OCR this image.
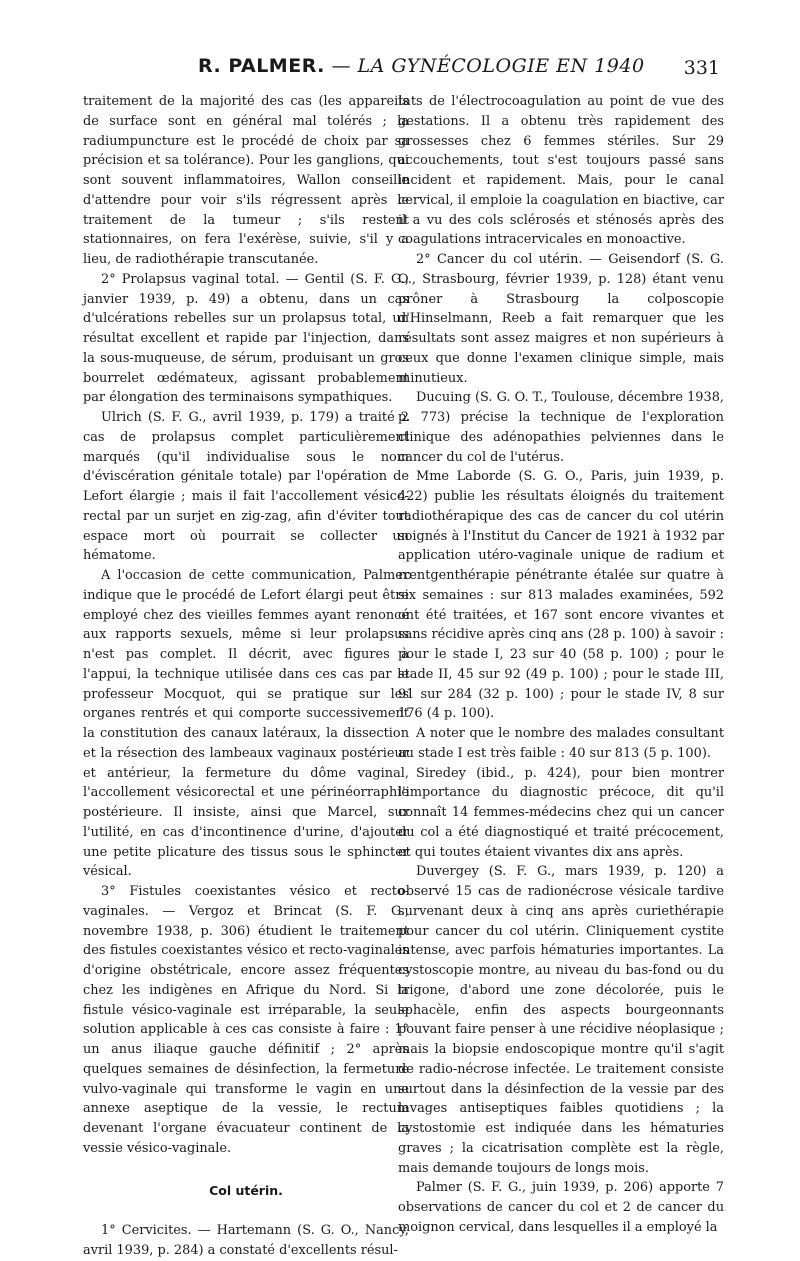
R. PALMER. — LA GYNÉCOLOGIE EN 1940 331

traitement de la majorité des cas (les appareils de surface sont en général mal tolérés ; la radiumpuncture est le procédé de choix par sa précision et sa tolérance). Pour les ganglions, qui sont souvent inflammatoires, Wallon conseille d'attendre pour voir s'ils régressent après le traitement de la tumeur ; s'ils restent stationnaires, on fera l'exérèse, suivie, s'il y a lieu, de radiothérapie transcutanée.

2° Prolapsus vaginal total. — Gentil (S. F. G., janvier 1939, p. 49) a obtenu, dans un cas d'ulcérations rebelles sur un prolapsus total, un résultat excellent et rapide par l'injection, dans la sous-muqueuse, de sérum, produisant un gros bourrelet œdémateux, agissant probablement par élongation des terminaisons sympathiques.

Ulrich (S. F. G., avril 1939, p. 179) a traité 2 cas de prolapsus complet particulièrement marqués (qu'il individualise sous le nom d'éviscération génitale totale) par l'opération de Lefort élargie ; mais il fait l'accollement vésico-rectal par un surjet en zig-zag, afin d'éviter tout espace mort où pourrait se collecter un hématome.

A l'occasion de cette communication, Palmer indique que le procédé de Lefort élargi peut être employé chez des vieilles femmes ayant renoncé aux rapports sexuels, même si leur prolapsus n'est pas complet. Il décrit, avec figures à l'appui, la technique utilisée dans ces cas par le professeur Mocquot, qui se pratique sur les organes rentrés et qui comporte successivement la constitution des canaux latéraux, la dissection et la résection des lambeaux vaginaux postérieur et antérieur, la fermeture du dôme vaginal, l'accollement vésicorectal et une périnéorraphie postérieure. Il insiste, ainsi que Marcel, sur l'utilité, en cas d'incontinence d'urine, d'ajouter une petite plicature des tissus sous le sphincter vésical.

3° Fistules coexistantes vésico et recto-vaginales. — Vergoz et Brincat (S. F. G., novembre 1938, p. 306) étudient le traitement des fistules coexistantes vésico et recto-vaginales d'origine obstétricale, encore assez fréquentes chez les indigènes en Afrique du Nord. Si la fistule vésico-vaginale est irréparable, la seule solution applicable à ces cas consiste à faire : 1° un anus iliaque gauche définitif ; 2° après quelques semaines de désinfection, la fermeture vulvo-vaginale qui transforme le vagin en une annexe aseptique de la vessie, le rectum devenant l'organe évacuateur continent de la vessie vésico-vaginale.

Col utérin.

1° Cervicites. — Hartemann (S. G. O., Nancy, avril 1939, p. 284) a constaté d'excellents résul-

tats de l'électrocoagulation au point de vue des gestations. Il a obtenu très rapidement des grossesses chez 6 femmes stériles. Sur 29 accouchements, tout s'est toujours passé sans incident et rapidement. Mais, pour le canal cervical, il emploie la coagulation en biactive, car il a vu des cols sclérosés et sténosés après des coagulations intracervicales en monoactive.

2° Cancer du col utérin. — Geisendorf (S. G. O., Strasbourg, février 1939, p. 128) étant venu prôner à Strasbourg la colposcopie d'Hinselmann, Reeb a fait remarquer que les résultats sont assez maigres et non supérieurs à ceux que donne l'examen clinique simple, mais minutieux.

Ducuing (S. G. O. T., Toulouse, décembre 1938, p. 773) précise la technique de l'exploration clinique des adénopathies pelviennes dans le cancer du col de l'utérus.

Mme Laborde (S. G. O., Paris, juin 1939, p. 422) publie les résultats éloignés du traitement radiothérapique des cas de cancer du col utérin soignés à l'Institut du Cancer de 1921 à 1932 par application utéro-vaginale unique de radium et rœntgenthérapie pénétrante étalée sur quatre à six semaines : sur 813 malades examinées, 592 ont été traitées, et 167 sont encore vivantes et sans récidive après cinq ans (28 p. 100) à savoir : pour le stade I, 23 sur 40 (58 p. 100) ; pour le stade II, 45 sur 92 (49 p. 100) ; pour le stade III, 91 sur 284 (32 p. 100) ; pour le stade IV, 8 sur 176 (4 p. 100).

A noter que le nombre des malades consultant au stade I est très faible : 40 sur 813 (5 p. 100).

Siredey (ibid., p. 424), pour bien montrer l'importance du diagnostic précoce, dit qu'il connaît 14 femmes-médecins chez qui un cancer du col a été diagnostiqué et traité précocement, et qui toutes étaient vivantes dix ans après.

Duvergey (S. F. G., mars 1939, p. 120) a observé 15 cas de radionécrose vésicale tardive survenant deux à cinq ans après curiethérapie pour cancer du col utérin. Cliniquement cystite intense, avec parfois hématuries importantes. La cystoscopie montre, au niveau du bas-fond ou du trigone, d'abord une zone décolorée, puis le sphacèle, enfin des aspects bourgeonnants pouvant faire penser à une récidive néoplasique ; mais la biopsie endoscopique montre qu'il s'agit de radio-nécrose infectée. Le traitement consiste surtout dans la désinfection de la vessie par des lavages antiseptiques faibles quotidiens ; la cystostomie est indiquée dans les hématuries graves ; la cicatrisation complète est la règle, mais demande toujours de longs mois.

Palmer (S. F. G., juin 1939, p. 206) apporte 7 observations de cancer du col et 2 de cancer du moignon cervical, dans lesquelles il a employé la
